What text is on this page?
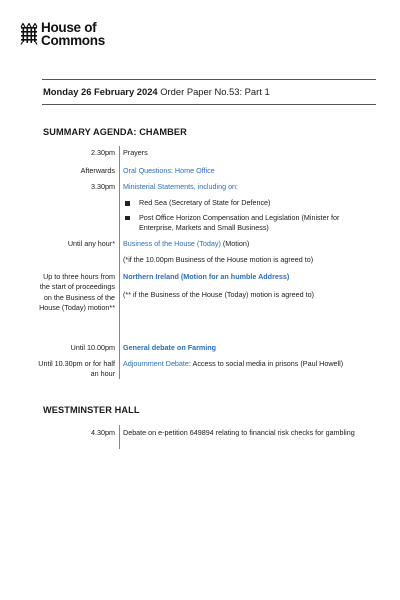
House of
Commons
Monday 26 February 2024 Order Paper No.53: Part 1
SUMMARY AGENDA: CHAMBER
2.30pm Prayers
Afterwards Oral Questions: Home Office
3.30pm Ministerial Statements, including on:
Red Sea (Secretary of State for Defence)
Post Office Horizon Compensation and Legislation (Minister for Enterprise, Markets and Small Business)
Until any hour* Business of the House (Today) (Motion)
(*if the 10.00pm Business of the House motion is agreed to)
Up to three hours from the start of proceedings on the Business of the House (Today) motion**
Northern Ireland (Motion for an humble Address)
(** if the Business of the House (Today) motion is agreed to)
Until 10.00pm General debate on Farming
Until 10.30pm or for half an hour
Adjournment Debate: Access to social media in prisons (Paul Howell)
WESTMINSTER HALL
4.30pm Debate on e-petition 649894 relating to financial risk checks for gambling
